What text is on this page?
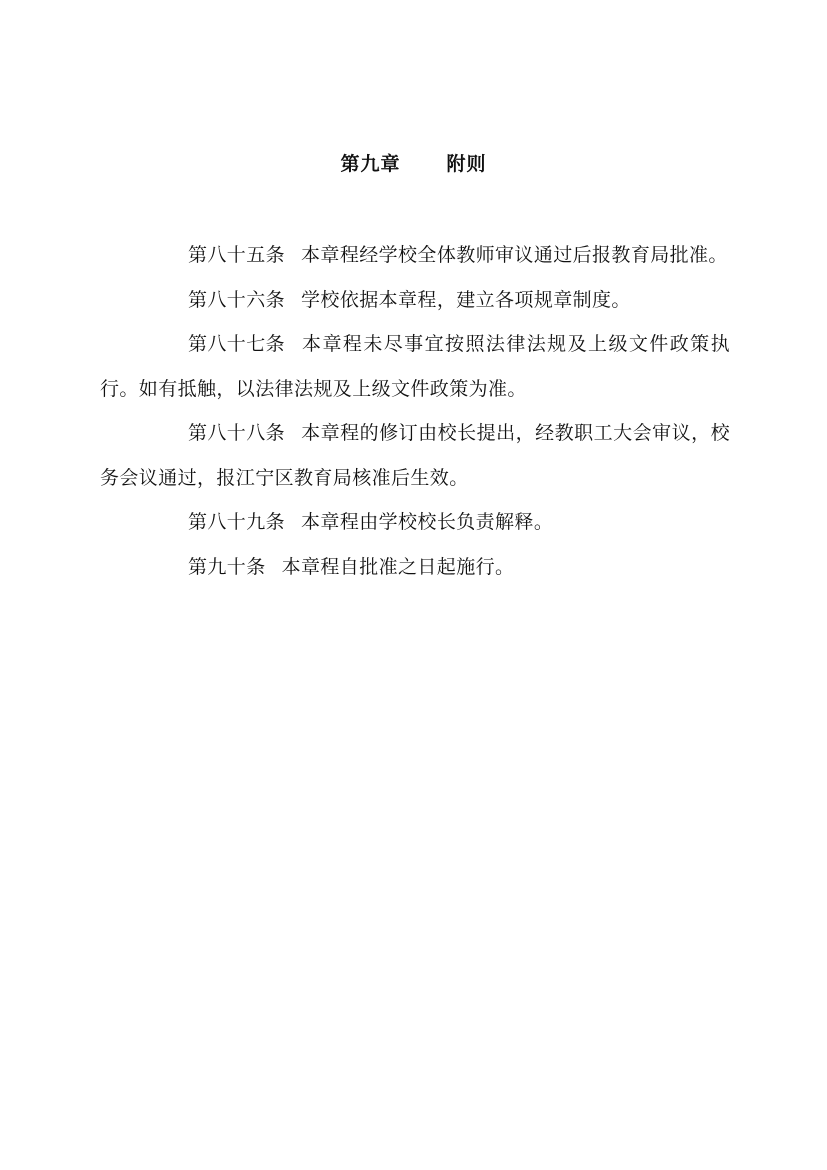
第九章 附则

第八十五条 本章程经学校全体教师审议通过后报教育局批准。

第八十六条 学校依据本章程，建立各项规章制度。

第八十七条 本章程未尽事宜按照法律法规及上级文件政策执行。如有抵触，以法律法规及上级文件政策为准。

第八十八条 本章程的修订由校长提出，经教职工大会审议，校务会议通过，报江宁区教育局核准后生效。

第八十九条 本章程由学校校长负责解释。

第九十条 本章程自批准之日起施行。
